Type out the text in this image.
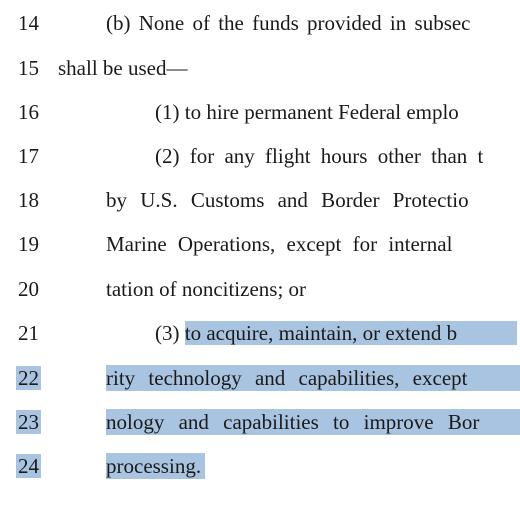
14	(b) None of the funds provided in subsec
15 shall be used—
16	(1) to hire permanent Federal emplo
17	(2) for any flight hours other than t
18	by U.S. Customs and Border Protectio
19	Marine Operations, except for internal
20	tation of noncitizens; or
21	(3) to acquire, maintain, or extend b
22	rity technology and capabilities, except
23	nology and capabilities to improve Bor
24	processing.
